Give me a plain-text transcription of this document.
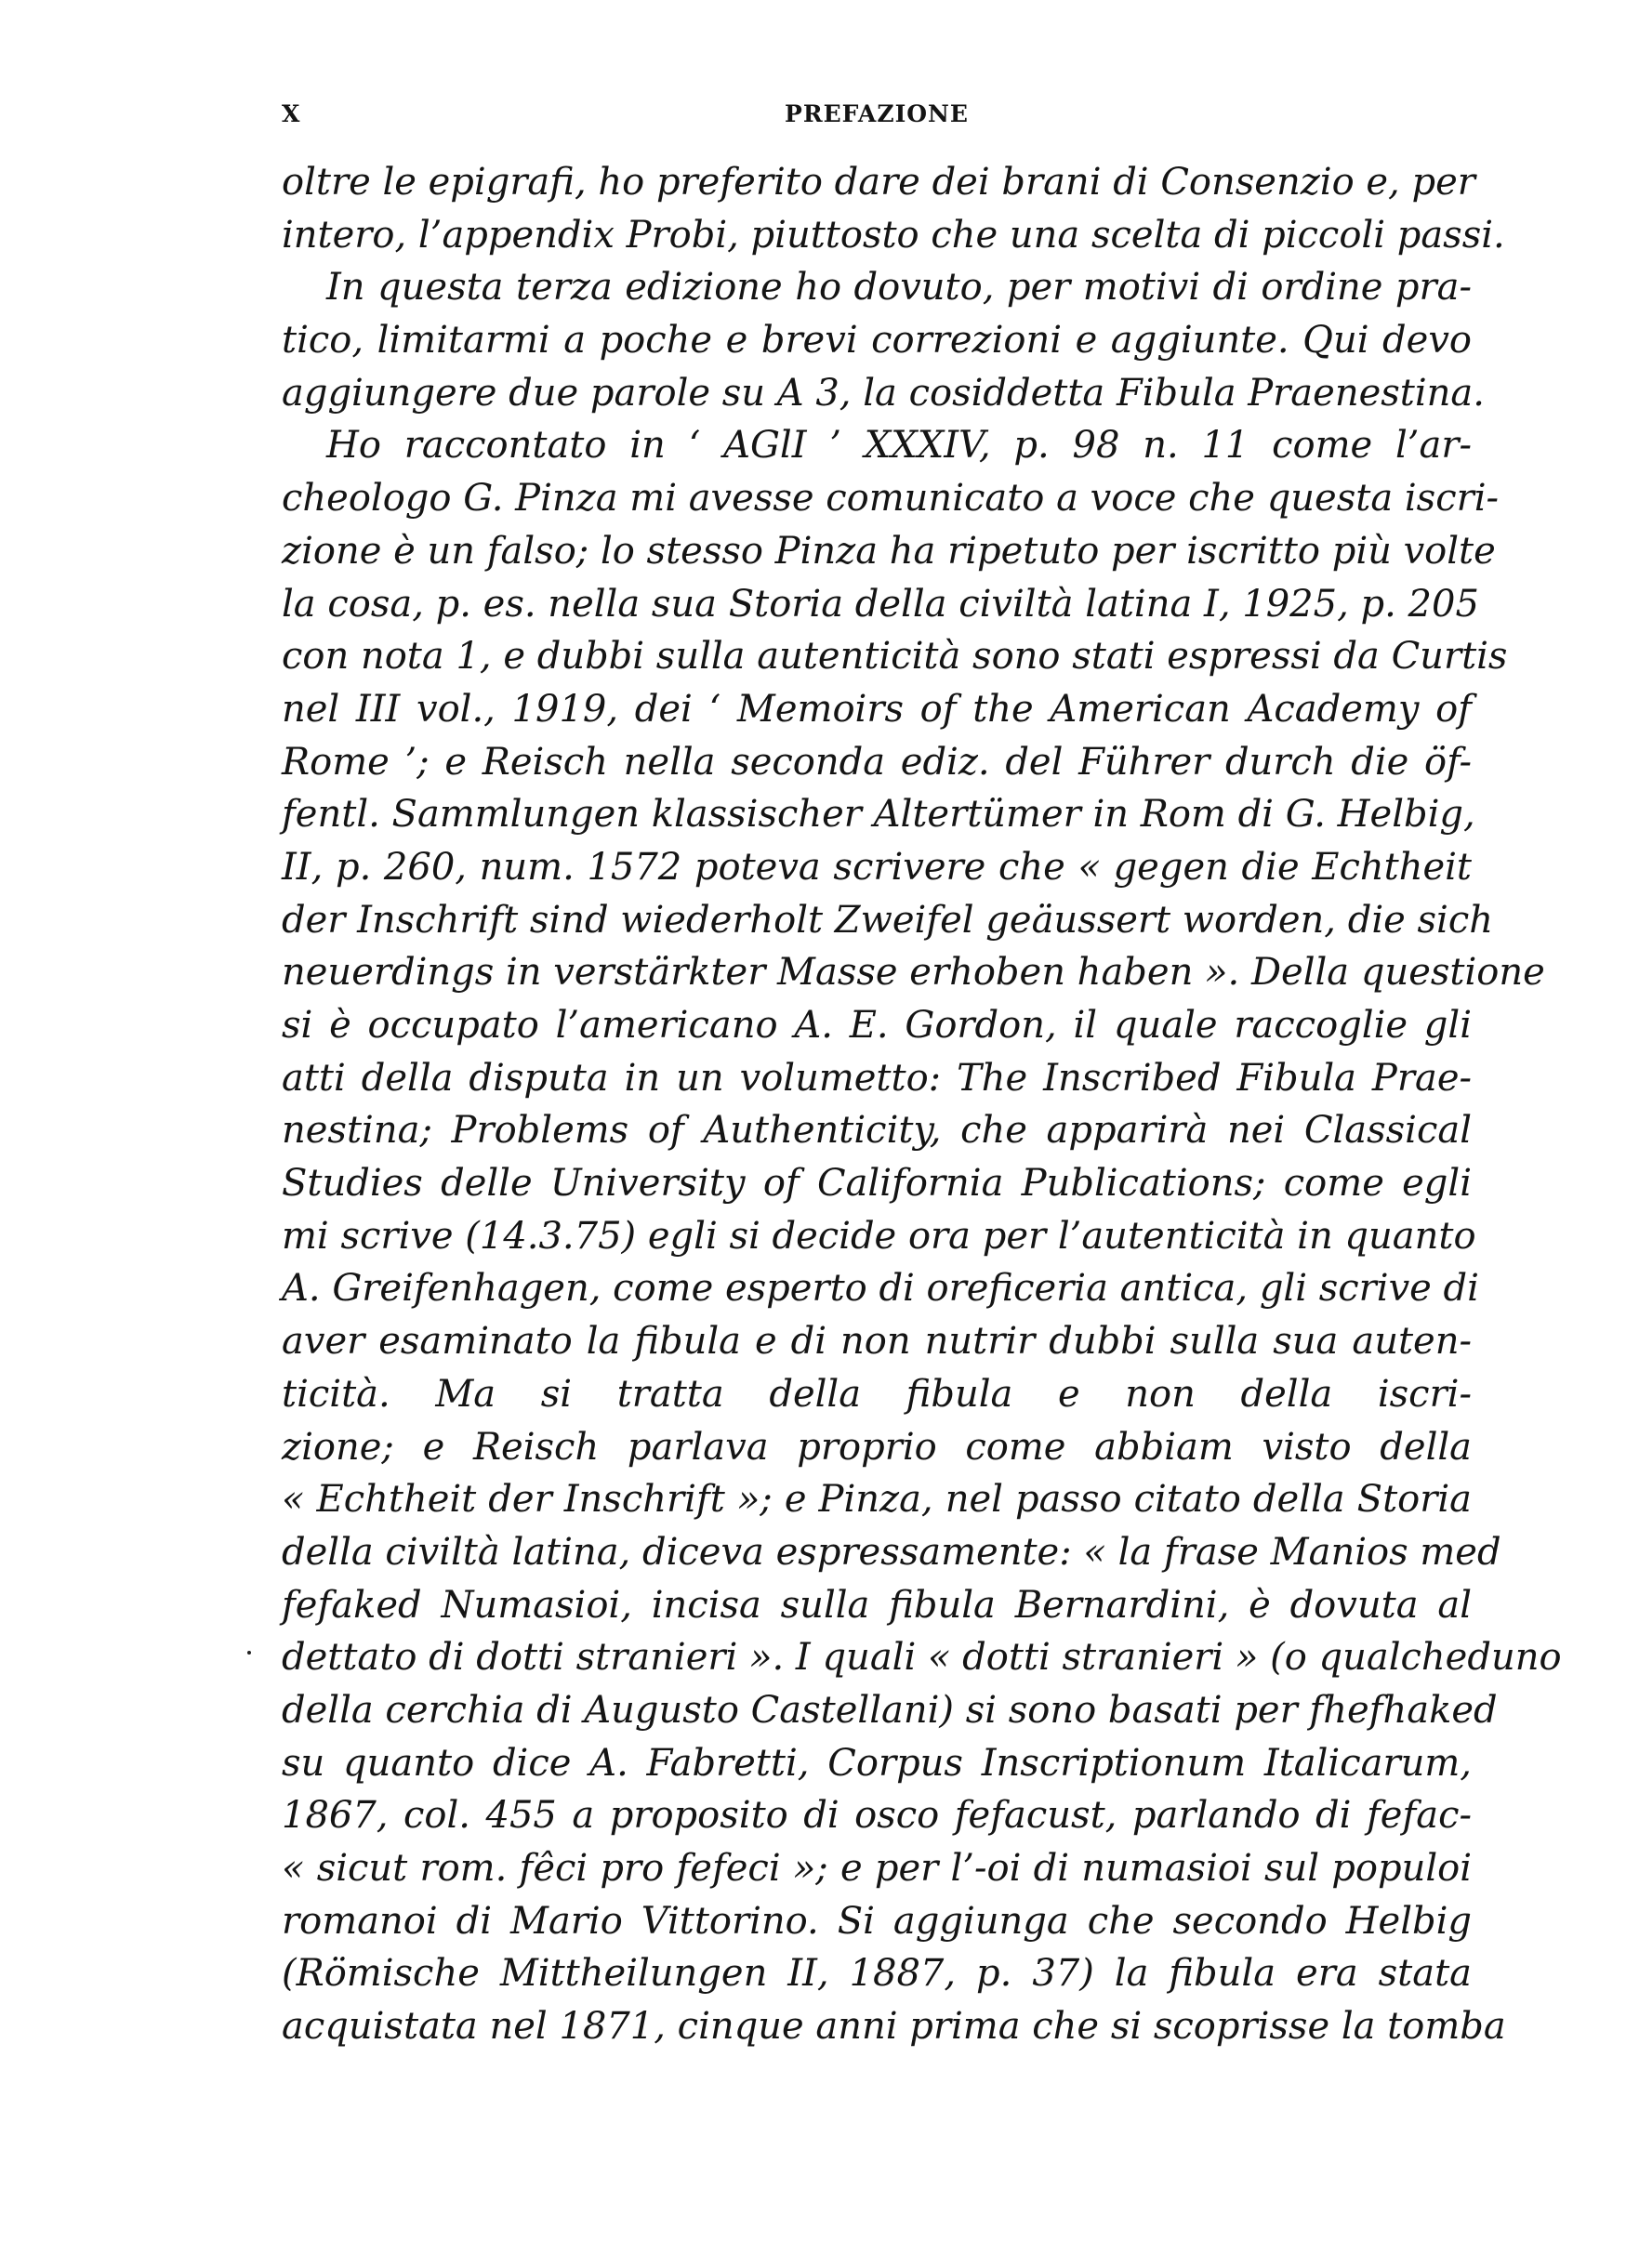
X	PREFAZIONE
oltre le epigrafi, ho preferito dare dei brani di Consenzio e, per
intero, l’appendix Probi, piuttosto che una scelta di piccoli passi.
In questa terza edizione ho dovuto, per motivi di ordine pra-
tico, limitarmi a poche e brevi correzioni e aggiunte. Qui devo
aggiungere due parole su A 3, la cosiddetta Fibula Praenestina.
Ho raccontato in ‘ AGlI ’ XXXIV, p. 98 n. 11 come l’ar-
cheologo G. Pinza mi avesse comunicato a voce che questa iscri-
zione è un falso; lo stesso Pinza ha ripetuto per iscritto più volte
la cosa, p. es. nella sua Storia della civiltà latina I, 1925, p. 205
con nota 1, e dubbi sulla autenticità sono stati espressi da Curtis
nel III vol., 1919, dei ‘ Memoirs of the American Academy of
Rome ’; e Reisch nella seconda ediz. del Führer durch die öf-
fentl. Sammlungen klassischer Altertümer in Rom di G. Helbig,
II, p. 260, num. 1572 poteva scrivere che « gegen die Echtheit
der Inschrift sind wiederholt Zweifel geäussert worden, die sich
neuerdings in verstärkter Masse erhoben haben ». Della questione
si è occupato l’americano A. E. Gordon, il quale raccoglie gli
atti della disputa in un volumetto: The Inscribed Fibula Prae-
nestina; Problems of Authenticity, che apparirà nei Classical
Studies delle University of California Publications; come egli
mi scrive (14.3.75) egli si decide ora per l’autenticità in quanto
A. Greifenhagen, come esperto di oreficeria antica, gli scrive di
aver esaminato la fibula e di non nutrir dubbi sulla sua auten-
ticità. Ma si tratta della fibula e non della iscri-
zione; e Reisch parlava proprio come abbiam visto della
« Echtheit der Inschrift »; e Pinza, nel passo citato della Storia
della civiltà latina, diceva espressamente: « la frase Manios med
fefaked Numasioi, incisa sulla fibula Bernardini, è dovuta al
dettato di dotti stranieri ». I quali « dotti stranieri » (o qualcheduno
della cerchia di Augusto Castellani) si sono basati per fhefhaked
su quanto dice A. Fabretti, Corpus Inscriptionum Italicarum,
1867, col. 455 a proposito di osco fefacust, parlando di fefac-
« sicut rom. fêci pro fefeci »; e per l’-oi di numasioi sul populoi
romanoi di Mario Vittorino. Si aggiunga che secondo Helbig
(Römische Mittheilungen II, 1887, p. 37) la fibula era stata
acquistata nel 1871, cinque anni prima che si scoprisse la tomba
